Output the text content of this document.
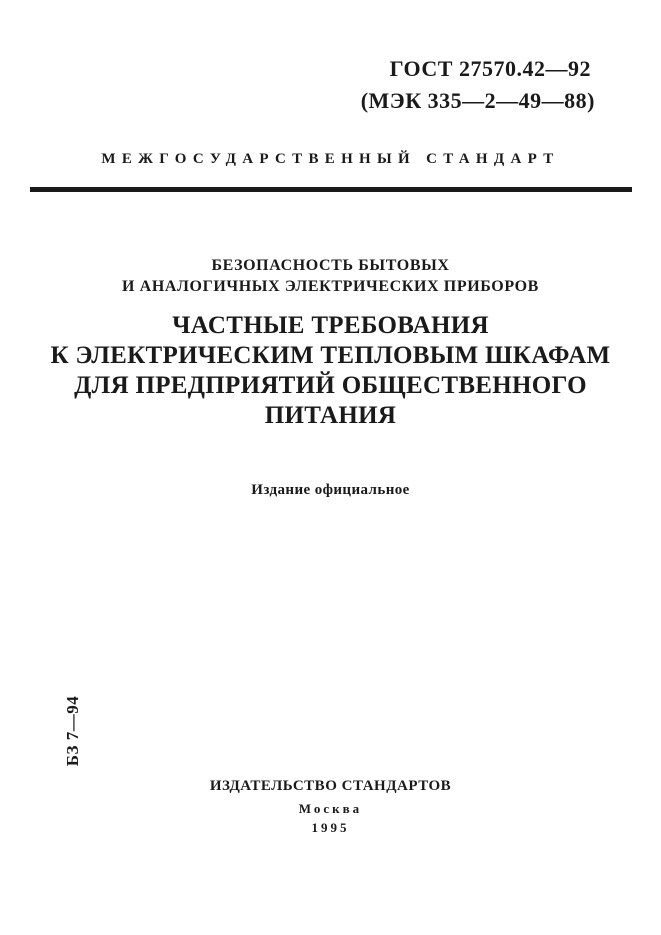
ГОСТ 27570.42—92
(МЭК 335—2—49—88)
МЕЖГОСУДАРСТВЕННЫЙ СТАНДАРТ
БЕЗОПАСНОСТЬ БЫТОВЫХ
И АНАЛОГИЧНЫХ ЭЛЕКТРИЧЕСКИХ ПРИБОРОВ
ЧАСТНЫЕ ТРЕБОВАНИЯ
К ЭЛЕКТРИЧЕСКИМ ТЕПЛОВЫМ ШКАФАМ
ДЛЯ ПРЕДПРИЯТИЙ ОБЩЕСТВЕННОГО
ПИТАНИЯ
Издание официальное
БЗ 7—94
ИЗДАТЕЛЬСТВО СТАНДАРТОВ
Москва
1995
